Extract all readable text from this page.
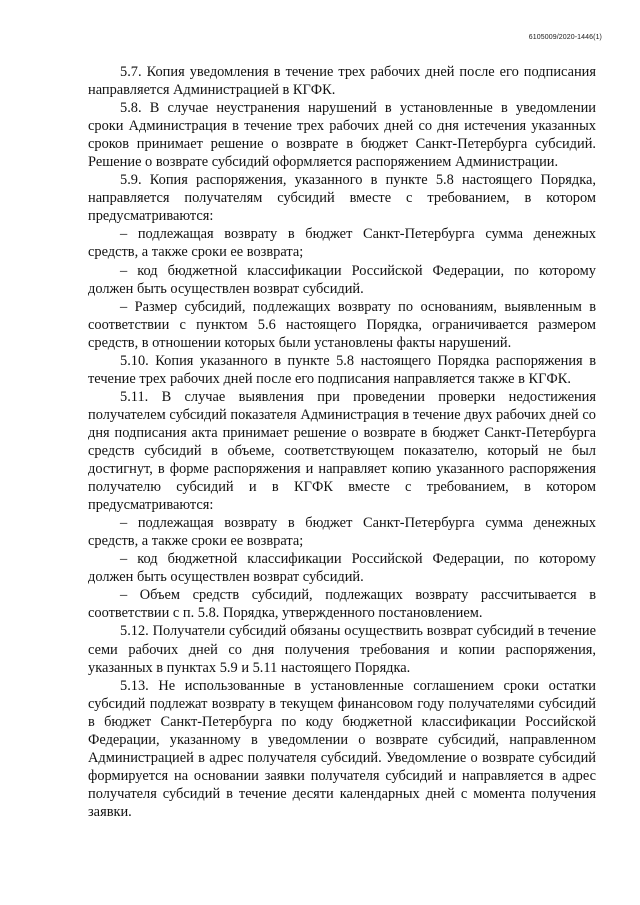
6105009/2020-1446(1)

5.7. Копия уведомления в течение трех рабочих дней после его подписания направляется Администрацией в КГФК.

5.8. В случае неустранения нарушений в установленные в уведомлении сроки Администрация в течение трех рабочих дней со дня истечения указанных сроков принимает решение о возврате в бюджет Санкт-Петербурга субсидий. Решение о возврате субсидий оформляется распоряжением Администрации.

5.9. Копия распоряжения, указанного в пункте 5.8 настоящего Порядка, направляется получателям субсидий вместе с требованием, в котором предусматриваются:

– подлежащая возврату в бюджет Санкт-Петербурга сумма денежных средств, а также сроки ее возврата;

– код бюджетной классификации Российской Федерации, по которому должен быть осуществлен возврат субсидий.

– Размер субсидий, подлежащих возврату по основаниям, выявленным в соответствии с пунктом 5.6 настоящего Порядка, ограничивается размером средств, в отношении которых были установлены факты нарушений.

5.10. Копия указанного в пункте 5.8 настоящего Порядка распоряжения в течение трех рабочих дней после его подписания направляется также в КГФК.

5.11. В случае выявления при проведении проверки недостижения получателем субсидий показателя Администрация в течение двух рабочих дней со дня подписания акта принимает решение о возврате в бюджет Санкт-Петербурга средств субсидий в объеме, соответствующем показателю, который не был достигнут, в форме распоряжения и направляет копию указанного распоряжения получателю субсидий и в КГФК вместе с требованием, в котором предусматриваются:

– подлежащая возврату в бюджет Санкт-Петербурга сумма денежных средств, а также сроки ее возврата;

– код бюджетной классификации Российской Федерации, по которому должен быть осуществлен возврат субсидий.

– Объем средств субсидий, подлежащих возврату рассчитывается в соответствии с п. 5.8. Порядка, утвержденного постановлением.

5.12. Получатели субсидий обязаны осуществить возврат субсидий в течение семи рабочих дней со дня получения требования и копии распоряжения, указанных в пунктах 5.9 и 5.11 настоящего Порядка.

5.13. Не использованные в установленные соглашением сроки остатки субсидий подлежат возврату в текущем финансовом году получателями субсидий в бюджет Санкт-Петербурга по коду бюджетной классификации Российской Федерации, указанному в уведомлении о возврате субсидий, направленном Администрацией в адрес получателя субсидий. Уведомление о возврате субсидий формируется на основании заявки получателя субсидий и направляется в адрес получателя субсидий в течение десяти календарных дней с момента получения заявки.
